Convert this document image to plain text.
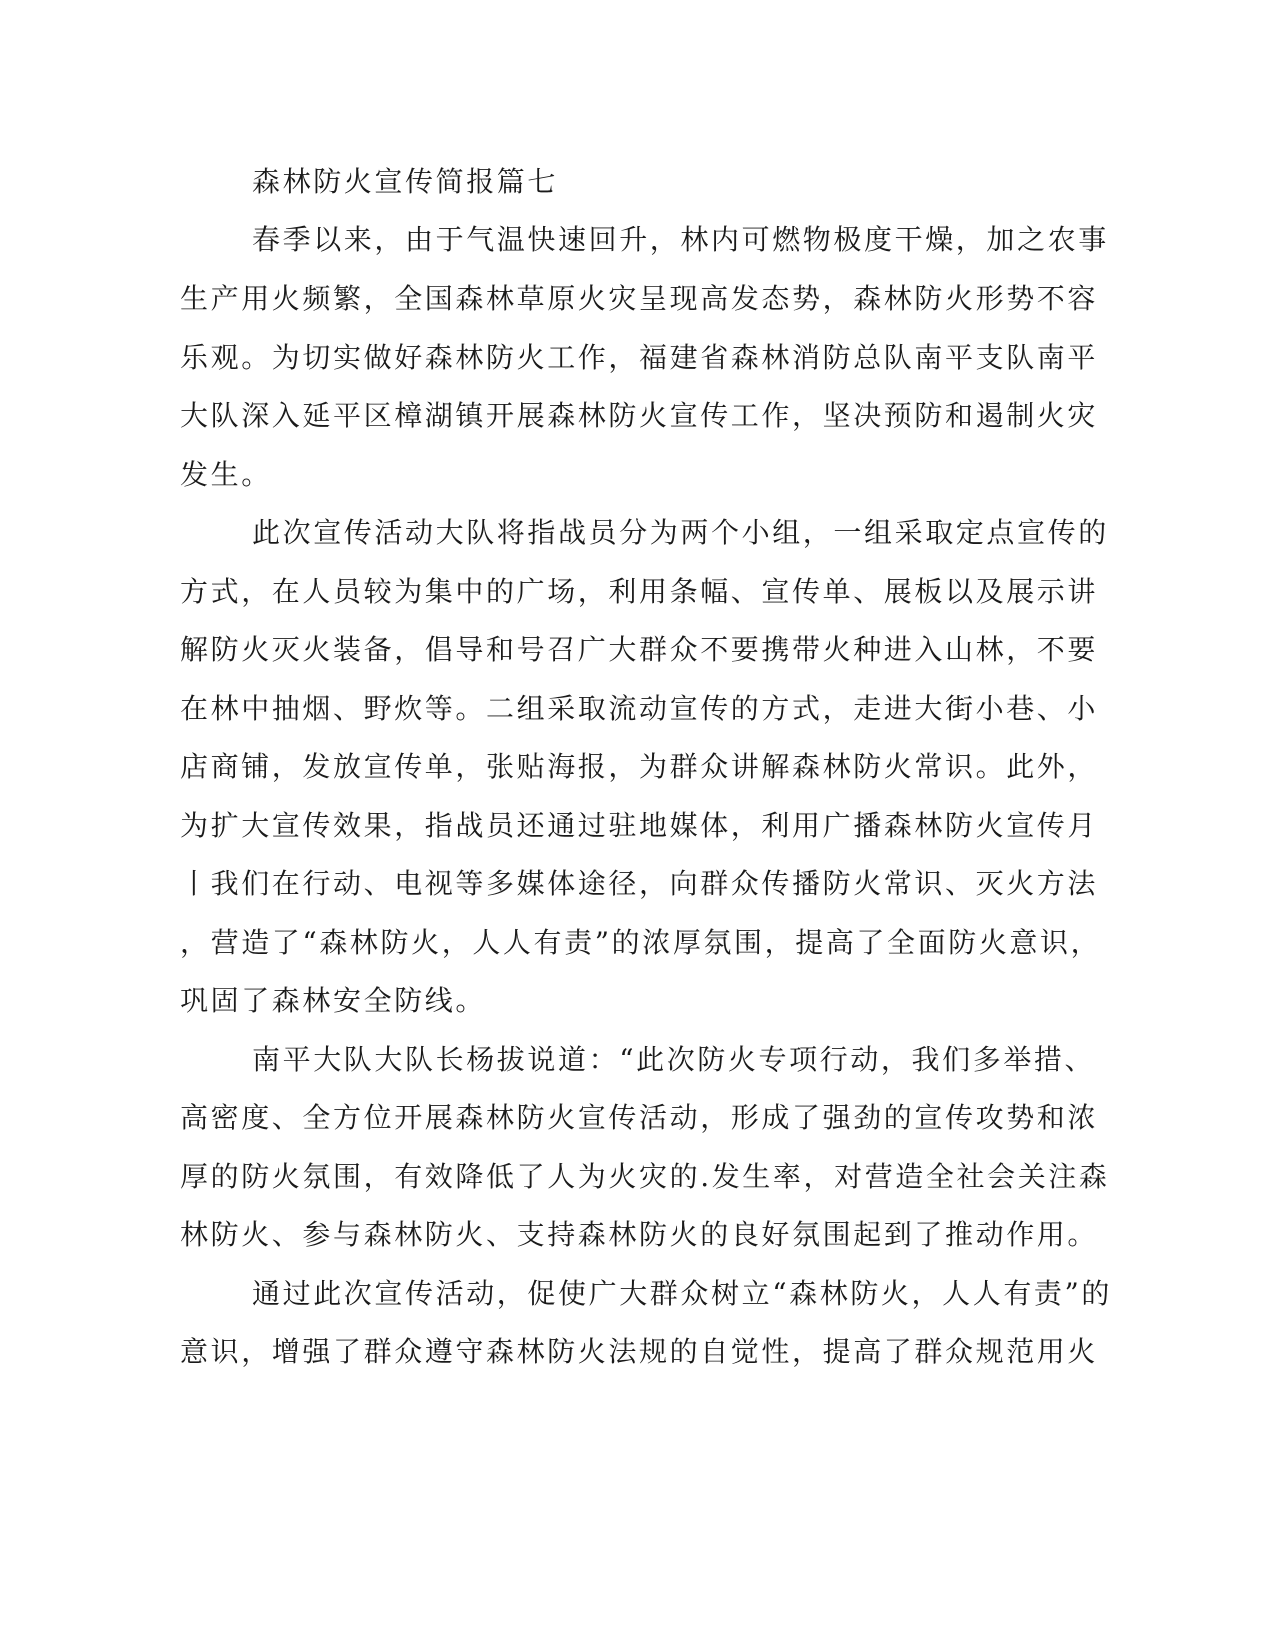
森林防火宣传简报篇七
春季以来，由于气温快速回升，林内可燃物极度干燥，加之农事
生产用火频繁，全国森林草原火灾呈现高发态势，森林防火形势不容
乐观。为切实做好森林防火工作，福建省森林消防总队南平支队南平
大队深入延平区樟湖镇开展森林防火宣传工作，坚决预防和遏制火灾
发生。
此次宣传活动大队将指战员分为两个小组，一组采取定点宣传的
方式，在人员较为集中的广场，利用条幅、宣传单、展板以及展示讲
解防火灭火装备，倡导和号召广大群众不要携带火种进入山林，不要
在林中抽烟、野炊等。二组采取流动宣传的方式，走进大街小巷、小
店商铺，发放宣传单，张贴海报，为群众讲解森林防火常识。此外，
为扩大宣传效果，指战员还通过驻地媒体，利用广播森林防火宣传月
丨我们在行动、电视等多媒体途径，向群众传播防火常识、灭火方法
，营造了“森林防火，人人有责”的浓厚氛围，提高了全面防火意识，
巩固了森林安全防线。
南平大队大队长杨拔说道：“此次防火专项行动，我们多举措、
高密度、全方位开展森林防火宣传活动，形成了强劲的宣传攻势和浓
厚的防火氛围，有效降低了人为火灾的.发生率，对营造全社会关注森
林防火、参与森林防火、支持森林防火的良好氛围起到了推动作用。
通过此次宣传活动，促使广大群众树立“森林防火，人人有责”的
意识，增强了群众遵守森林防火法规的自觉性，提高了群众规范用火
